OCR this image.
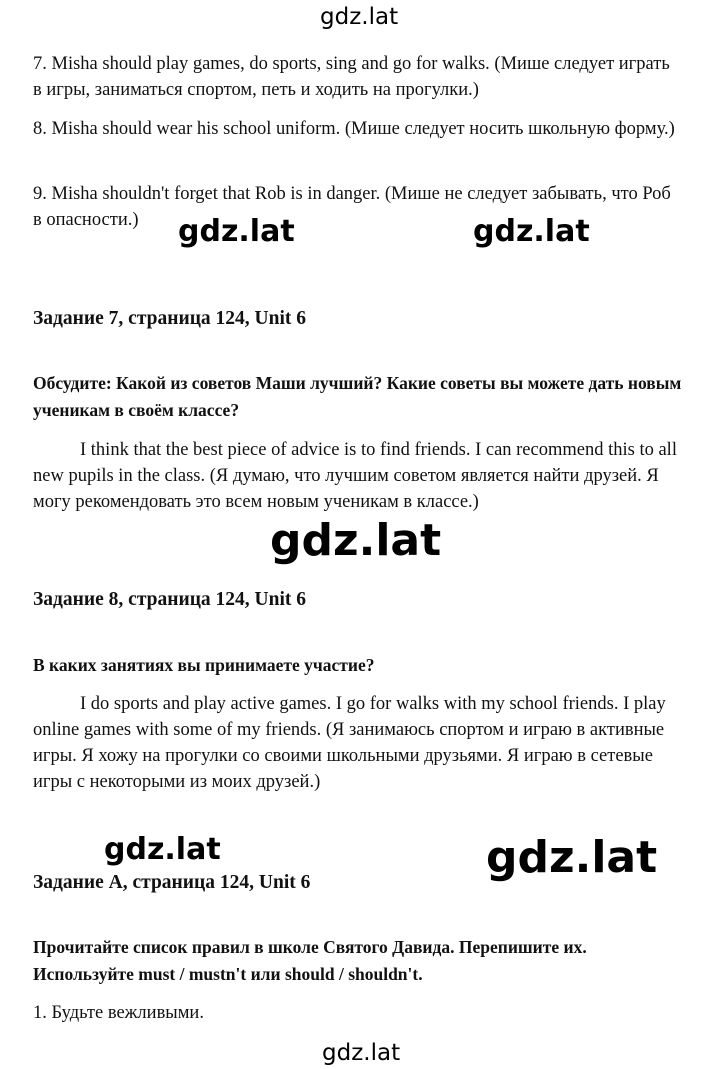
gdz.lat

7. Misha should play games, do sports, sing and go for walks. (Мише следует играть в игры, заниматься спортом, петь и ходить на прогулки.)

8. Misha should wear his school uniform. (Мише следует носить школьную форму.)

9. Misha shouldn't forget that Rob is in danger. (Мише не следует забывать, что Роб в опасности.)	gdz.lat	gdz.lat
Задание 7, страница 124, Unit 6

Обсудите: Какой из советов Маши лучший? Какие советы вы можете дать новым ученикам в своём классе?

I think that the best piece of advice is to find friends. I can recommend this to all new pupils in the class. (Я думаю, что лучшим советом является найти друзей. Я могу рекомендовать это всем новым ученикам в классе.)

gdz.lat
Задание 8, страница 124, Unit 6

В каких занятиях вы принимаете участие?

I do sports and play active games. I go for walks with my school friends. I play online games with some of my friends. (Я занимаюсь спортом и играю в активные игры. Я хожу на прогулки со своими школьными друзьями. Я играю в сетевые игры с некоторыми из моих друзей.)

gdz.lat	gdz.lat
Задание A, страница 124, Unit 6

Прочитайте список правил в школе Святого Давида. Перепишите их. Используйте must / mustn't или should / shouldn't.

1. Будьте вежливыми.

gdz.lat
